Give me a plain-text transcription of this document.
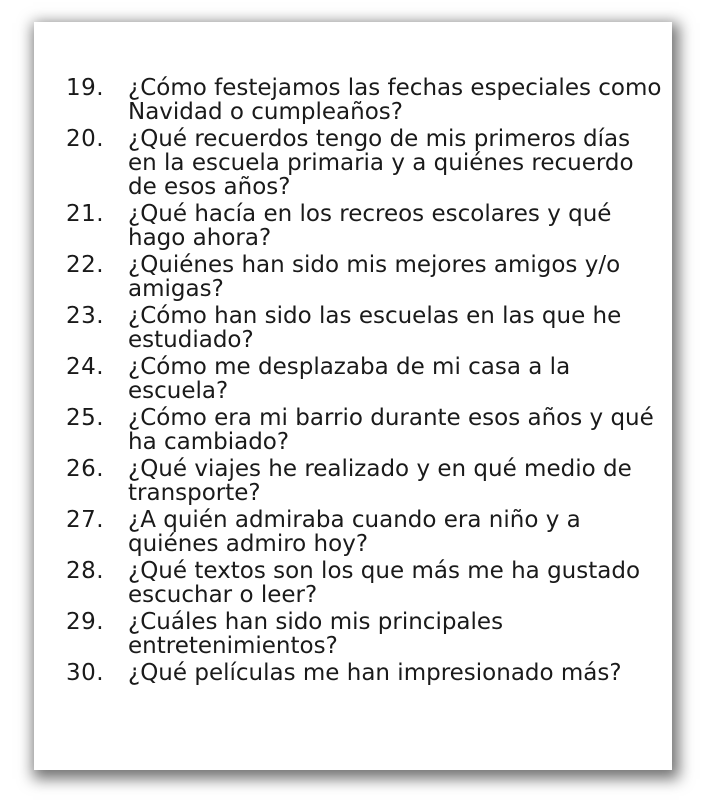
19.	¿Cómo festejamos las fechas especiales como Navidad o cumpleaños?
20.	¿Qué recuerdos tengo de mis primeros días en la escuela primaria y a quiénes recuerdo de esos años?
21.	¿Qué hacía en los recreos escolares y qué hago ahora?
22.	¿Quiénes han sido mis mejores amigos y/o amigas?
23.	¿Cómo han sido las escuelas en las que he estudiado?
24.	¿Cómo me desplazaba de mi casa a la escuela?
25.	¿Cómo era mi barrio durante esos años y qué ha cambiado?
26.	¿Qué viajes he realizado y en qué medio de transporte?
27.	¿A quién admiraba cuando era niño y a quiénes admiro hoy?
28.	¿Qué textos son los que más me ha gustado escuchar o leer?
29.	¿Cuáles han sido mis principales entretenimientos?
30.	¿Qué películas me han impresionado más?
